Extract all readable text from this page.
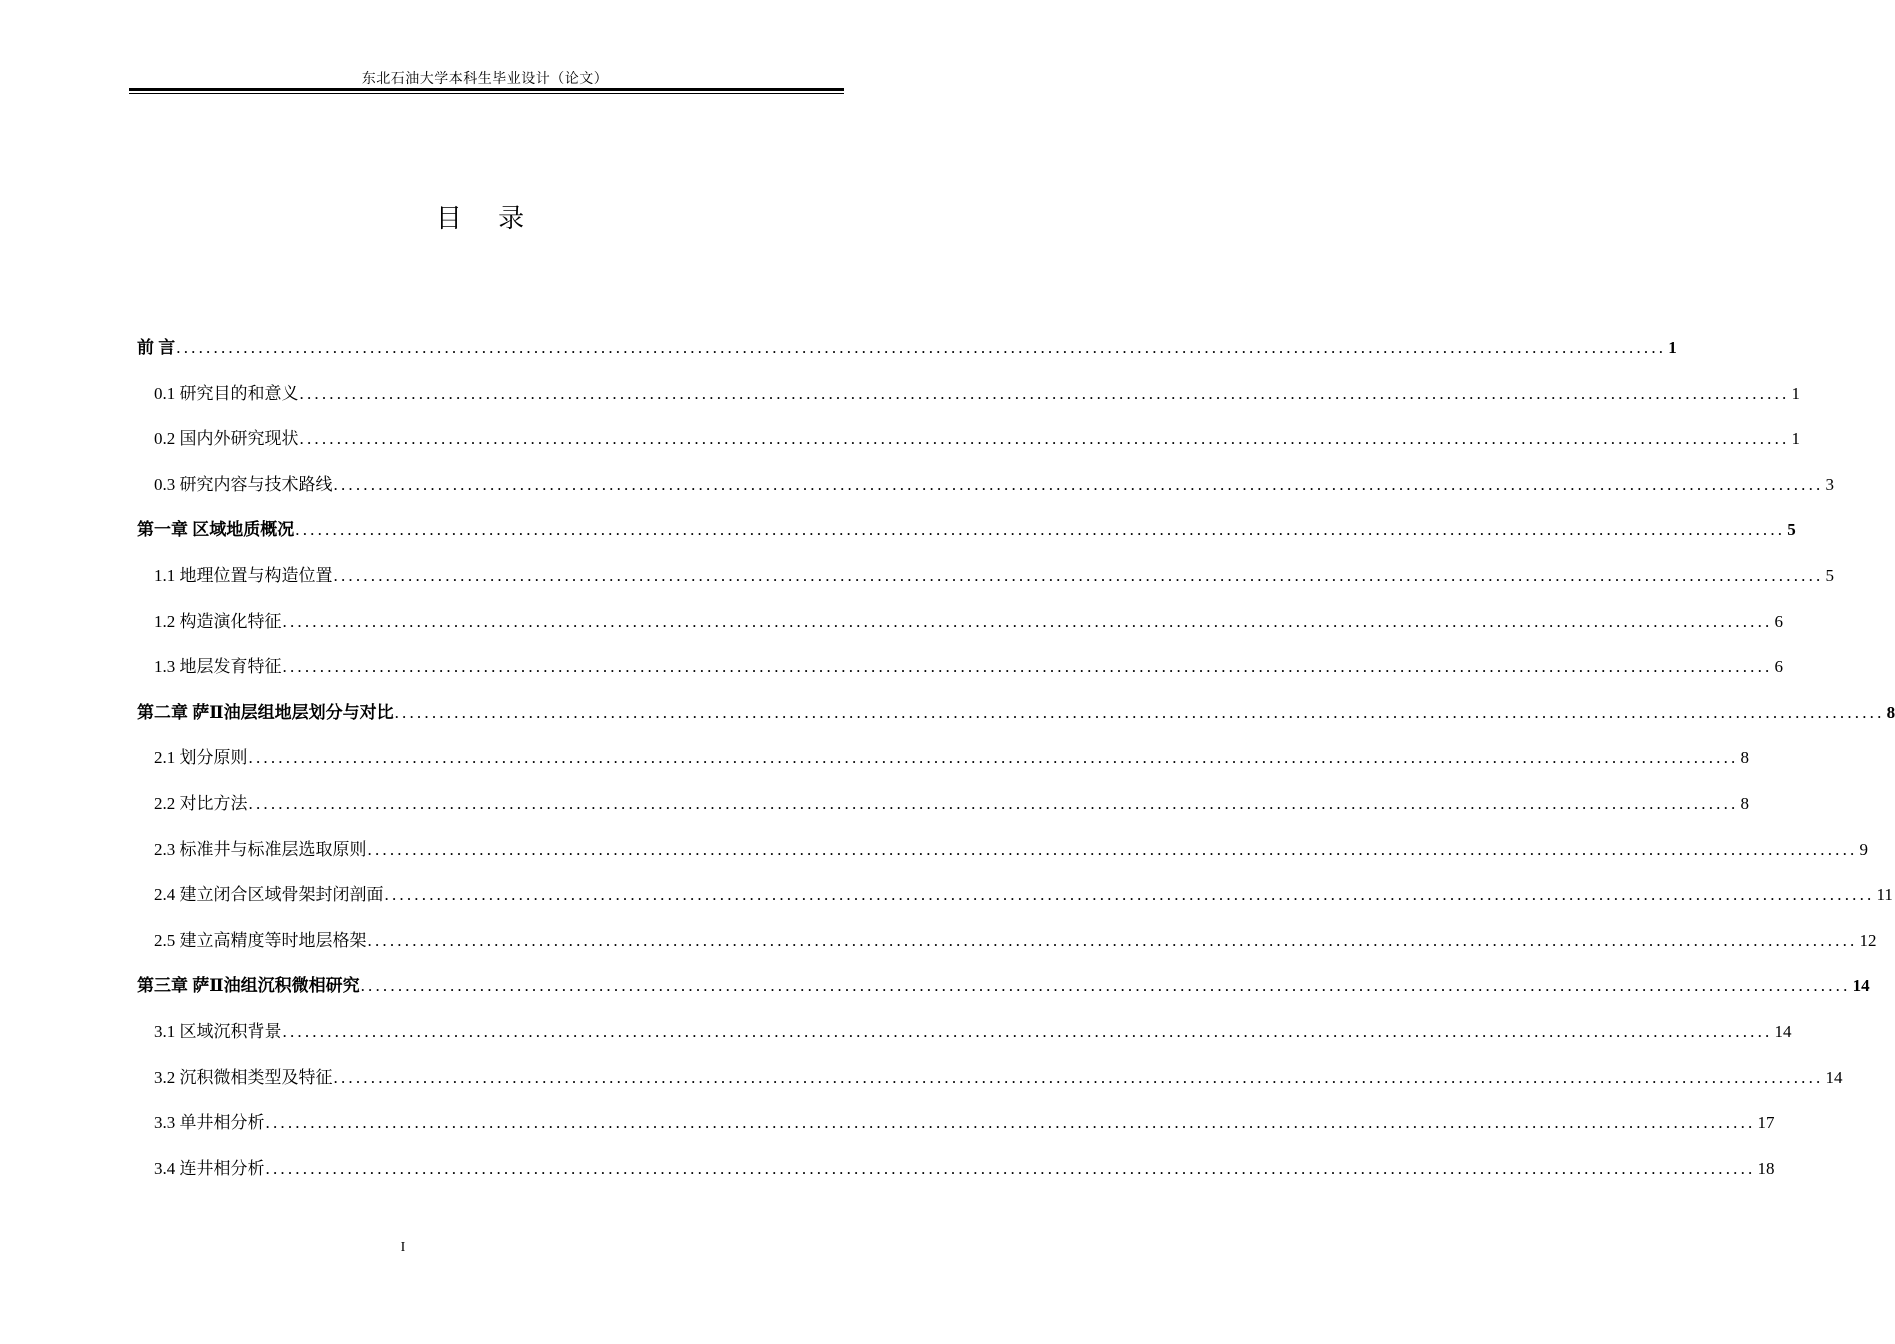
东北石油大学本科生毕业设计（论文）
目 录
前 言 ........................................................................................................................................................................................................ 1
0.1 研究目的和意义 ........................................................................................................................................................................................................ 1
0.2 国内外研究现状 ........................................................................................................................................................................................................ 1
0.3 研究内容与技术路线 ........................................................................................................................................................................................................ 3
第一章 区域地质概况 ........................................................................................................................................................................................................ 5
1.1 地理位置与构造位置 ........................................................................................................................................................................................................ 5
1.2 构造演化特征 ........................................................................................................................................................................................................ 6
1.3 地层发育特征 ........................................................................................................................................................................................................ 6
第二章 萨Ⅱ油层组地层划分与对比 ........................................................................................................................................................................................................ 8
2.1 划分原则 ........................................................................................................................................................................................................ 8
2.2 对比方法 ........................................................................................................................................................................................................ 8
2.3 标准井与标准层选取原则 ........................................................................................................................................................................................................ 9
2.4 建立闭合区域骨架封闭剖面 ........................................................................................................................................................................................................ 11
2.5 建立高精度等时地层格架 ........................................................................................................................................................................................................ 12
第三章 萨Ⅱ油组沉积微相研究 ........................................................................................................................................................................................................ 14
3.1 区域沉积背景 ........................................................................................................................................................................................................ 14
3.2 沉积微相类型及特征 ........................................................................................................................................................................................................ 14
3.3 单井相分析 ........................................................................................................................................................................................................ 17
3.4 连井相分析 ........................................................................................................................................................................................................ 18
I
